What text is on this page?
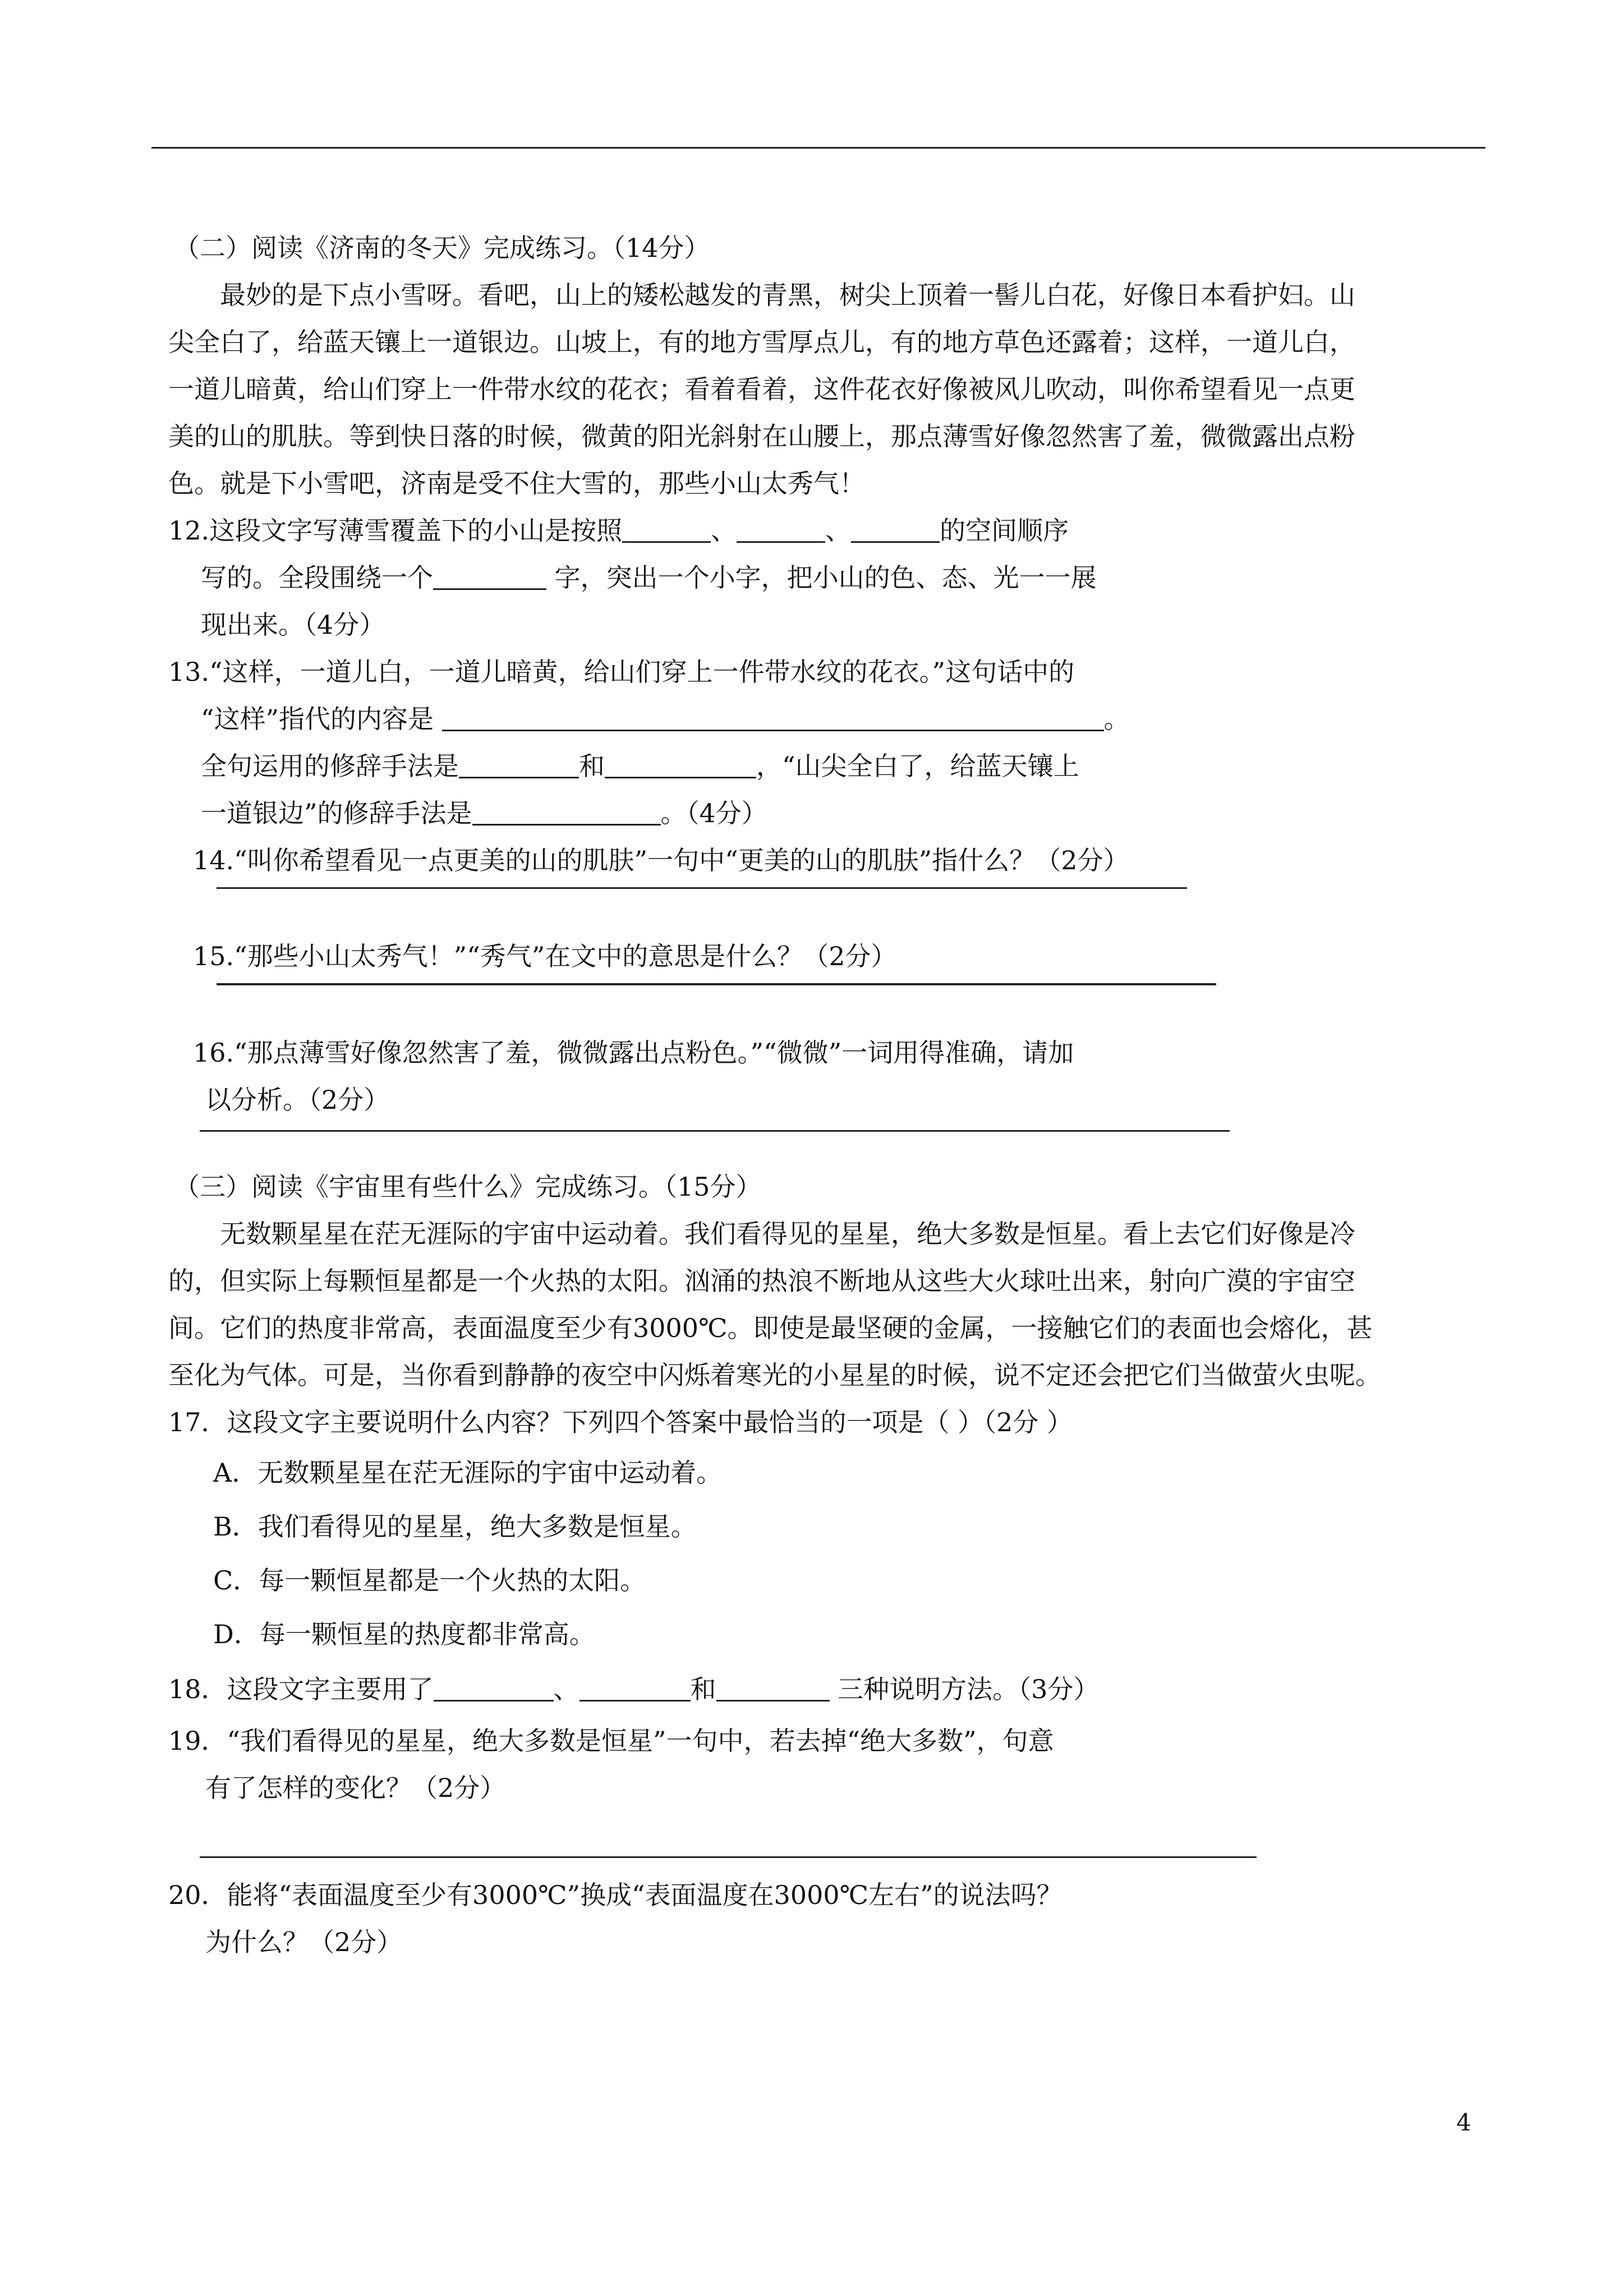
（二）阅读《济南的冬天》完成练习。（14分）
最妙的是下点小雪呀。看吧，山上的矮松越发的青黑，树尖上顶着一髻儿白花，好像日本看护妇。山
尖全白了，给蓝天镶上一道银边。山坡上，有的地方雪厚点儿，有的地方草色还露着；这样，一道儿白，
一道儿暗黄，给山们穿上一件带水纹的花衣；看着看着，这件花衣好像被风儿吹动，叫你希望看见一点更
美的山的肌肤。等到快日落的时候，微黄的阳光斜射在山腰上，那点薄雪好像忽然害了羞，微微露出点粉
色。就是下小雪吧，济南是受不住大雪的，那些小山太秀气！
12.这段文字写薄雪覆盖下的小山是按照	、	、	的空间顺序
写的。全段围绕一个	字，突出一个小字，把小山的色、态、光一一展
现出来。（4分）
13.“这样，一道儿白，一道儿暗黄，给山们穿上一件带水纹的花衣。”这句话中的
“这样”指代的内容是	。
全句运用的修辞手法是	和	，“山尖全白了，给蓝天镶上
一道银边”的修辞手法是	。（4分）
14.“叫你希望看见一点更美的山的肌肤”一句中“更美的山的肌肤”指什么？（2分）
15.“那些小山太秀气！”“秀气”在文中的意思是什么？（2分）
16.“那点薄雪好像忽然害了羞，微微露出点粉色。”“微微”一词用得准确，请加
以分析。（2分）
（三）阅读《宇宙里有些什么》完成练习。（15分）
无数颗星星在茫无涯际的宇宙中运动着。我们看得见的星星，绝大多数是恒星。看上去它们好像是冷
的，但实际上每颗恒星都是一个火热的太阳。汹涌的热浪不断地从这些大火球吐出来，射向广漠的宇宙空
间。它们的热度非常高，表面温度至少有3000℃。即使是最坚硬的金属，一接触它们的表面也会熔化，甚
至化为气体。可是，当你看到静静的夜空中闪烁着寒光的小星星的时候，说不定还会把它们当做萤火虫呢。
17．这段文字主要说明什么内容？下列四个答案中最恰当的一项是（ ）（2分 ）
A．无数颗星星在茫无涯际的宇宙中运动着。
B．我们看得见的星星，绝大多数是恒星。
C．每一颗恒星都是一个火热的太阳。
D．每一颗恒星的热度都非常高。
18．这段文字主要用了	、	和	三种说明方法。（3分）
19．“我们看得见的星星，绝大多数是恒星”一句中，若去掉“绝大多数”，句意
有了怎样的变化？（2分）
20．能将“表面温度至少有3000℃”换成“表面温度在3000℃左右”的说法吗？
为什么？（2分）
4
